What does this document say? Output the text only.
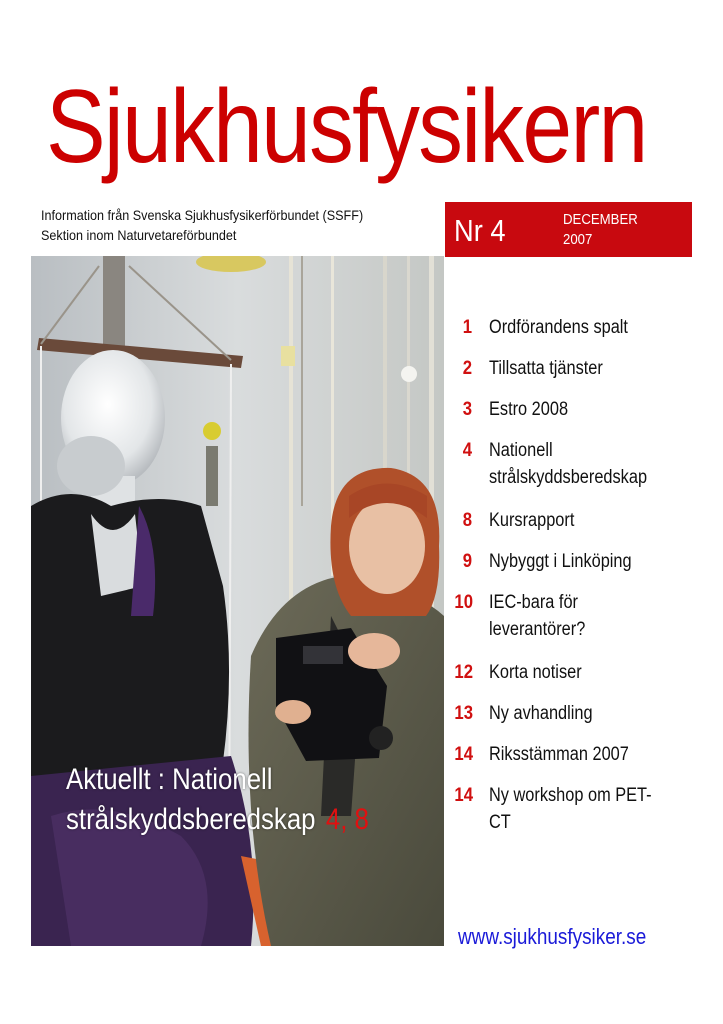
Sjukhusfysikern
Information från Svenska Sjukhusfysikerförbundet (SSFF)
Sektion inom Naturvetareförbundet	Nr 4	DECEMBER
2007
Aktuellt : Nationell
strålskyddsberedskap 4, 8
1 Ordförandens spalt
2 Tillsatta tjänster
3 Estro 2008
4 Nationell
strålskyddsberedskap
8 Kursrapport
9 Nybyggt i Linköping
10 IEC-bara för
leverantörer?
12 Korta notiser
13 Ny avhandling
14 Riksstämman 2007
14 Ny workshop om PET-
CT
www.sjukhusfysiker.se
